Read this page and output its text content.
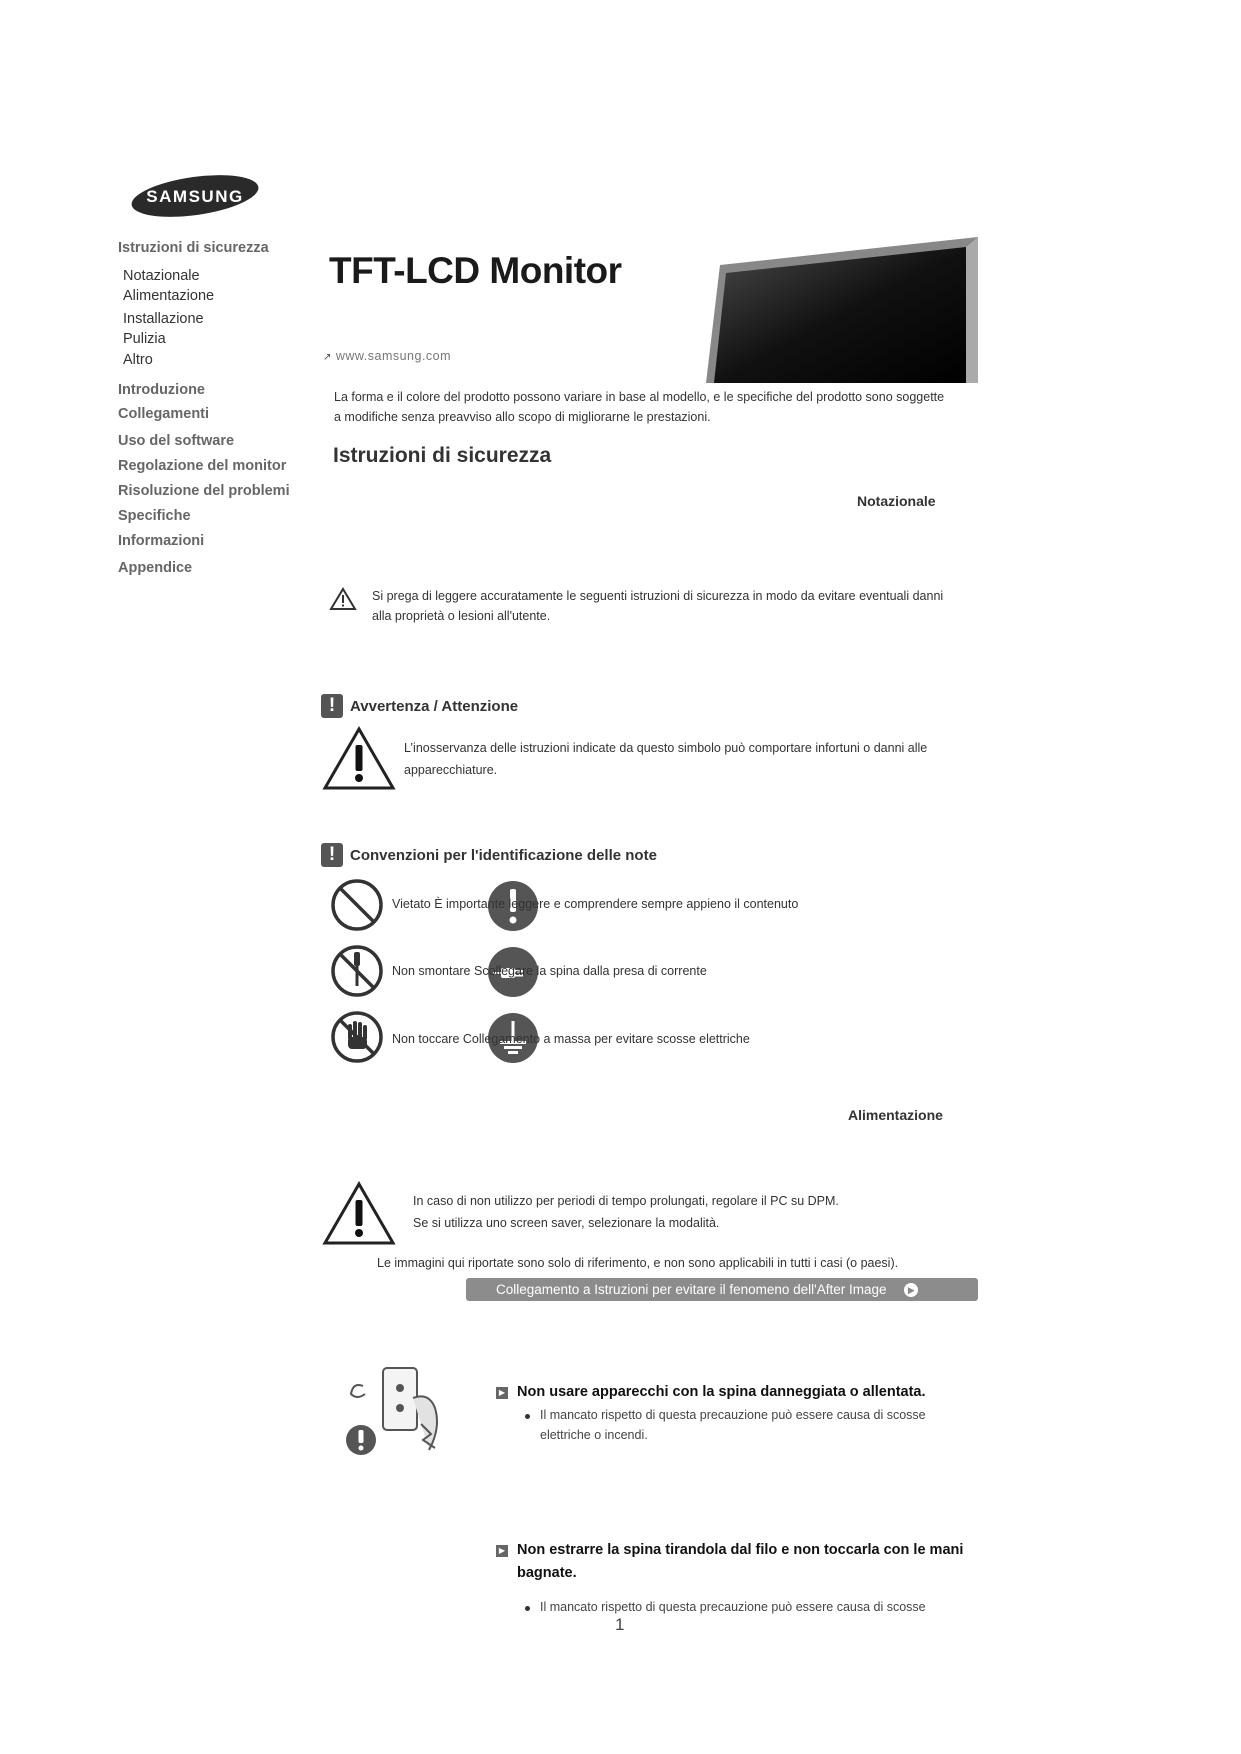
SAMSUNG
Istruzioni di sicurezza
Notazionale
Alimentazione
Installazione
Pulizia
Altro
Introduzione
Collegamenti
Uso del software
Regolazione del monitor
Risoluzione del problemi
Specifiche
Informazioni
Appendice
TFT-LCD Monitor
↗ www.samsung.com
La forma e il colore del prodotto possono variare in base al modello, e le specifiche del prodotto sono soggette
a modifiche senza preavviso allo scopo di migliorarne le prestazioni.
Istruzioni di sicurezza
Notazionale
Si prega di leggere accuratamente le seguenti istruzioni di sicurezza in modo da evitare eventuali danni
alla proprietà o lesioni all'utente.
! Avvertenza / Attenzione
L’inosservanza delle istruzioni indicate da questo simbolo può comportare infortuni o danni alle
apparecchiature.
! Convenzioni per l'identificazione delle note
Vietato È importante leggere e comprendere sempre appieno il contenuto
Non smontare Scollegare la spina dalla presa di corrente
Non toccare Collegamento a massa per evitare scosse elettriche
Alimentazione
In caso di non utilizzo per periodi di tempo prolungati, regolare il PC su DPM.
Se si utilizza uno screen saver, selezionare la modalità.
Le immagini qui riportate sono solo di riferimento, e non sono applicabili in tutti i casi (o paesi).
Collegamento a Istruzioni per evitare il fenomeno dell'After Image ▶
▶ Non usare apparecchi con la spina danneggiata o allentata.
Il mancato rispetto di questa precauzione può essere causa di scosse
elettriche o incendi.
▶ Non estrarre la spina tirandola dal filo e non toccarla con le mani
bagnate.
Il mancato rispetto di questa precauzione può essere causa di scosse
1
